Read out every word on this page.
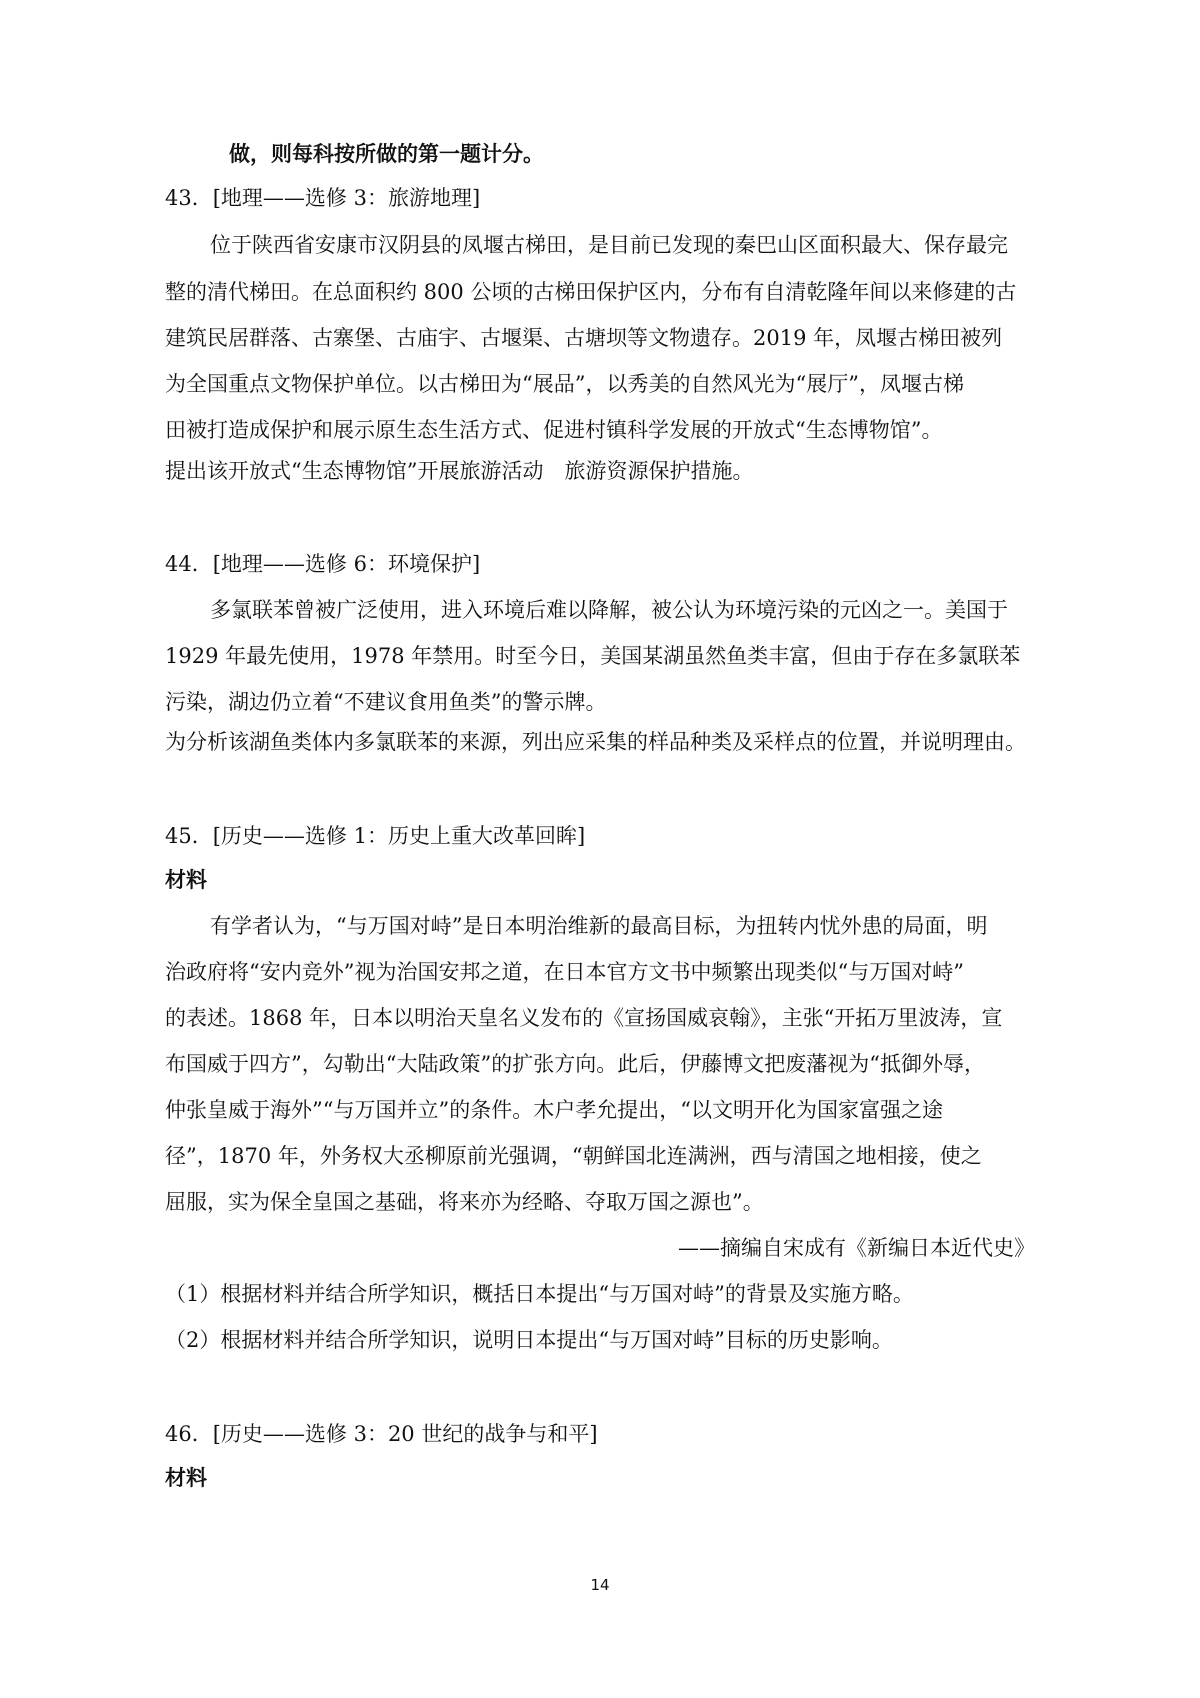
做，则每科按所做的第一题计分。
43．[地理——选修 3：旅游地理]
位于陕西省安康市汉阴县的凤堰古梯田，是目前已发现的秦巴山区面积最大、保存最完
整的清代梯田。在总面积约 800 公顷的古梯田保护区内，分布有自清乾隆年间以来修建的古
建筑民居群落、古寨堡、古庙宇、古堰渠、古塘坝等文物遗存。2019 年，凤堰古梯田被列
为全国重点文物保护单位。以古梯田为“展品”，以秀美的自然风光为“展厅”，凤堰古梯
田被打造成保护和展示原生态生活方式、促进村镇科学发展的开放式“生态博物馆”。
提出该开放式“生态博物馆”开展旅游活动　旅游资源保护措施。
44．[地理——选修 6：环境保护]
多氯联苯曾被广泛使用，进入环境后难以降解，被公认为环境污染的元凶之一。美国于
1929 年最先使用，1978 年禁用。时至今日，美国某湖虽然鱼类丰富，但由于存在多氯联苯
污染，湖边仍立着“不建议食用鱼类”的警示牌。
为分析该湖鱼类体内多氯联苯的来源，列出应采集的样品种类及采样点的位置，并说明理由。
45．[历史——选修 1：历史上重大改革回眸]
材料
有学者认为，“与万国对峙”是日本明治维新的最高目标，为扭转内忧外患的局面，明
治政府将“安内竞外”视为治国安邦之道，在日本官方文书中频繁出现类似“与万国对峙”
的表述。1868 年，日本以明治天皇名义发布的《宣扬国威哀翰》，主张“开拓万里波涛，宣
布国威于四方”，勾勒出“大陆政策”的扩张方向。此后，伊藤博文把废藩视为“抵御外辱，
仲张皇威于海外”“与万国并立”的条件。木户孝允提出，“以文明开化为国家富强之途
径”，1870 年，外务权大丞柳原前光强调，“朝鲜国北连满洲，西与清国之地相接，使之
屈服，实为保全皇国之基础，将来亦为经略、夺取万国之源也”。
——摘编自宋成有《新编日本近代史》
（1）根据材料并结合所学知识，概括日本提出“与万国对峙”的背景及实施方略。
（2）根据材料并结合所学知识，说明日本提出“与万国对峙”目标的历史影响。
46．[历史——选修 3：20 世纪的战争与和平]
材料
14
